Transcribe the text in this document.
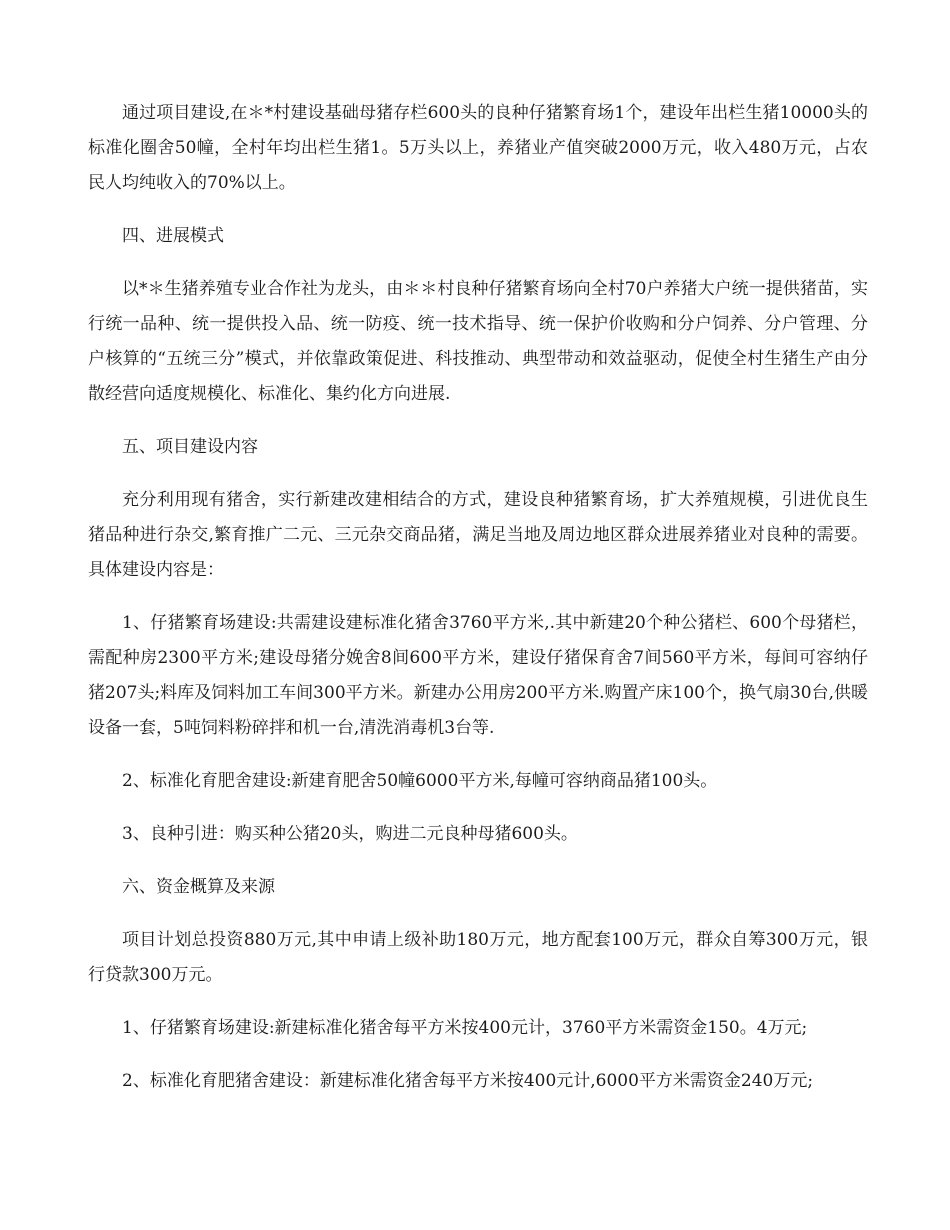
通过项目建设,在＊*村建设基础母猪存栏600头的良种仔猪繁育场1个，建设年出栏生猪10000头的标准化圈舍50幢，全村年均出栏生猪1。5万头以上，养猪业产值突破2000万元，收入480万元，占农民人均纯收入的70%以上。

四、进展模式

以*＊生猪养殖专业合作社为龙头，由＊＊村良种仔猪繁育场向全村70户养猪大户统一提供猪苗，实行统一品种、统一提供投入品、统一防疫、统一技术指导、统一保护价收购和分户饲养、分户管理、分户核算的“五统三分”模式，并依靠政策促进、科技推动、典型带动和效益驱动，促使全村生猪生产由分散经营向适度规模化、标准化、集约化方向进展.

五、项目建设内容

充分利用现有猪舍，实行新建改建相结合的方式，建设良种猪繁育场，扩大养殖规模，引进优良生猪品种进行杂交,繁育推广二元、三元杂交商品猪，满足当地及周边地区群众进展养猪业对良种的需要。具体建设内容是：

1、仔猪繁育场建设:共需建设建标准化猪舍3760平方米,.其中新建20个种公猪栏、600个母猪栏，需配种房2300平方米;建设母猪分娩舍8间600平方米，建设仔猪保育舍7间560平方米，每间可容纳仔猪207头;料库及饲料加工车间300平方米。新建办公用房200平方米.购置产床100个，换气扇30台,供暖设备一套，5吨饲料粉碎拌和机一台,清洗消毒机3台等.

2、标准化育肥舍建设:新建育肥舍50幢6000平方米,每幢可容纳商品猪100头。

3、良种引进：购买种公猪20头，购进二元良种母猪600头。

六、资金概算及来源

项目计划总投资880万元,其中申请上级补助180万元，地方配套100万元，群众自筹300万元，银行贷款300万元。

1、仔猪繁育场建设:新建标准化猪舍每平方米按400元计，3760平方米需资金150。4万元;

2、标准化育肥猪舍建设：新建标准化猪舍每平方米按400元计,6000平方米需资金240万元;
